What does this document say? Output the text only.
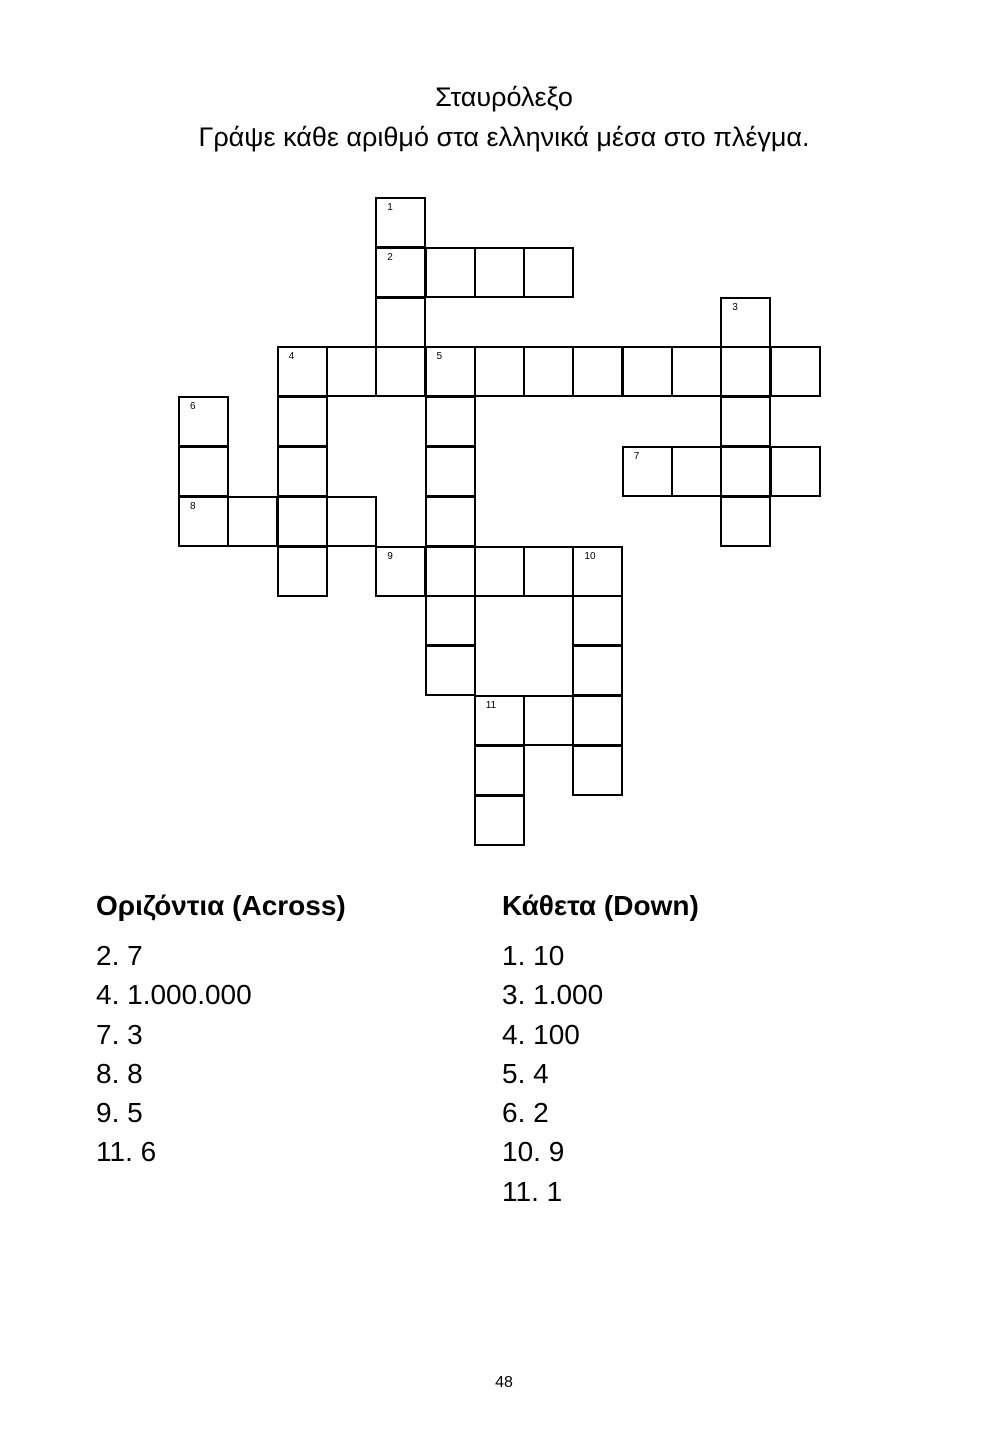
Σταυρόλεξο
Γράψε κάθε αριθμό στα ελληνικά μέσα στο πλέγμα.
1
2
3
4	5
6
7
8
9	10
11
Οριζόντια (Across)
2. 7
4. 1.000.000
7. 3
8. 8
9. 5
11. 6
Κάθετα (Down)
1. 10
3. 1.000
4. 100
5. 4
6. 2
10. 9
11. 1
48
